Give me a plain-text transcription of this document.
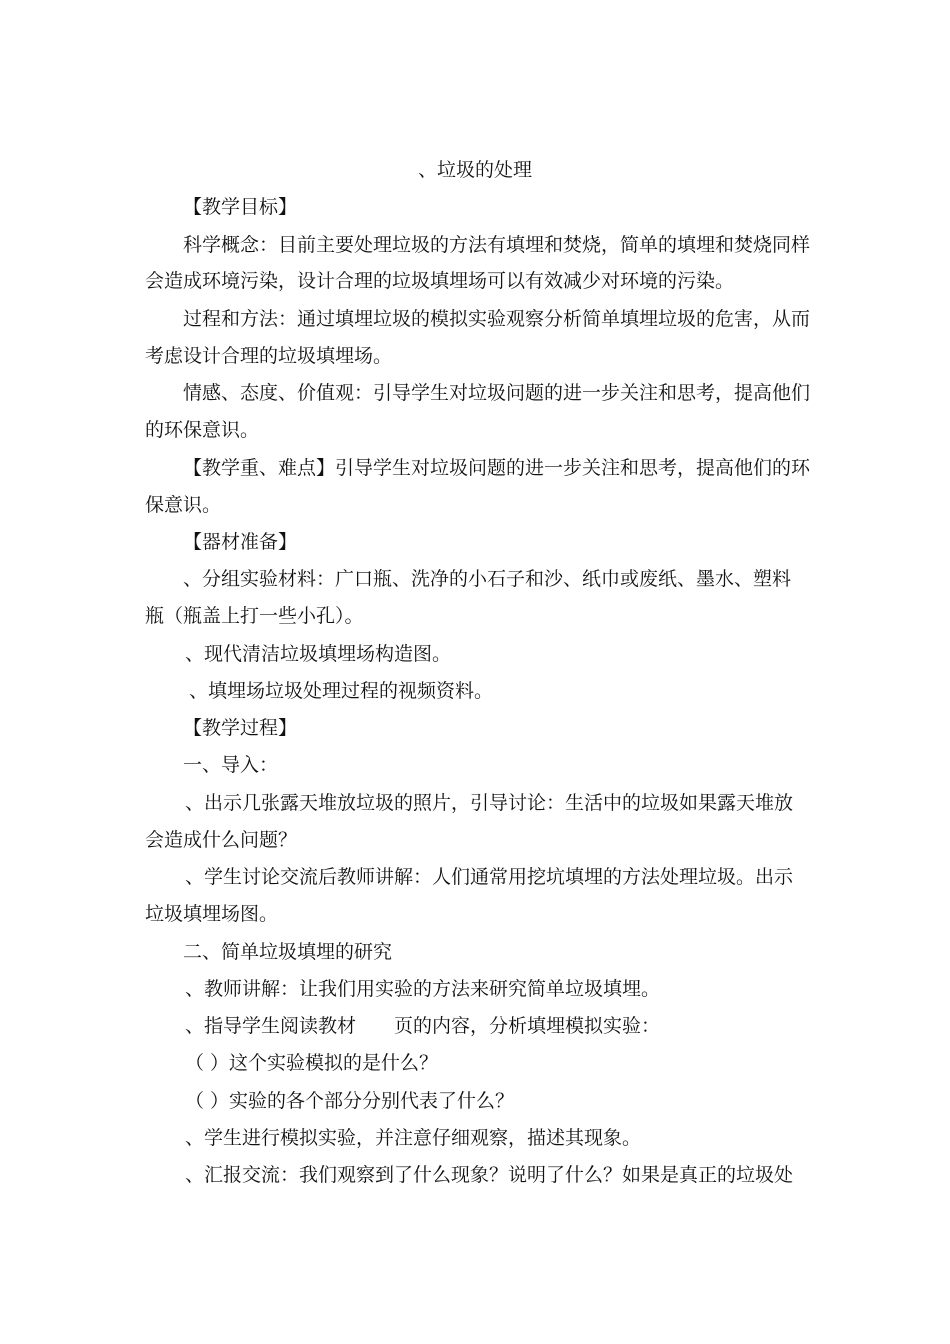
、垃圾的处理
【教学目标】
科学概念：目前主要处理垃圾的方法有填埋和焚烧，简单的填埋和焚烧同样
会造成环境污染，设计合理的垃圾填埋场可以有效减少对环境的污染。
过程和方法：通过填埋垃圾的模拟实验观察分析简单填埋垃圾的危害，从而
考虑设计合理的垃圾填埋场。
情感、态度、价值观：引导学生对垃圾问题的进一步关注和思考，提高他们
的环保意识。
【教学重、难点】引导学生对垃圾问题的进一步关注和思考，提高他们的环
保意识。
【器材准备】
、分组实验材料：广口瓶、洗净的小石子和沙、纸巾或废纸、墨水、塑料
瓶（瓶盖上打一些小孔）。
、现代清洁垃圾填埋场构造图。
、填埋场垃圾处理过程的视频资料。
【教学过程】
一、导入：
、出示几张露天堆放垃圾的照片，引导讨论：生活中的垃圾如果露天堆放
会造成什么问题？
、学生讨论交流后教师讲解：人们通常用挖坑填埋的方法处理垃圾。出示
垃圾填埋场图。
二、简单垃圾填埋的研究
、教师讲解：让我们用实验的方法来研究简单垃圾填埋。
、指导学生阅读教材　　页的内容，分析填埋模拟实验：
（ ）这个实验模拟的是什么？
（ ）实验的各个部分分别代表了什么？
、学生进行模拟实验，并注意仔细观察，描述其现象。
、汇报交流：我们观察到了什么现象？说明了什么？如果是真正的垃圾处
